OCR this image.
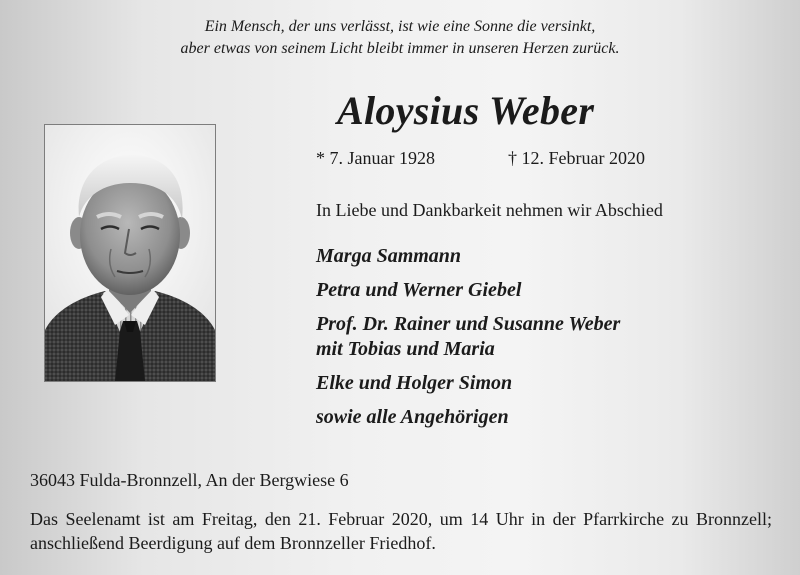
Ein Mensch, der uns verlässt, ist wie eine Sonne die versinkt,
aber etwas von seinem Licht bleibt immer in unseren Herzen zurück.
Aloysius Weber
* 7. Januar 1928	† 12. Februar 2020
In Liebe und Dankbarkeit nehmen wir Abschied
Marga Sammann
Petra und Werner Giebel
Prof. Dr. Rainer und Susanne Weber
mit Tobias und Maria
Elke und Holger Simon
sowie alle Angehörigen
36043 Fulda-Bronnzell, An der Bergwiese 6
Das Seelenamt ist am Freitag, den 21. Februar 2020, um 14 Uhr in der Pfarrkirche zu Bronnzell; anschließend Beerdigung auf dem Bronnzeller Friedhof.
